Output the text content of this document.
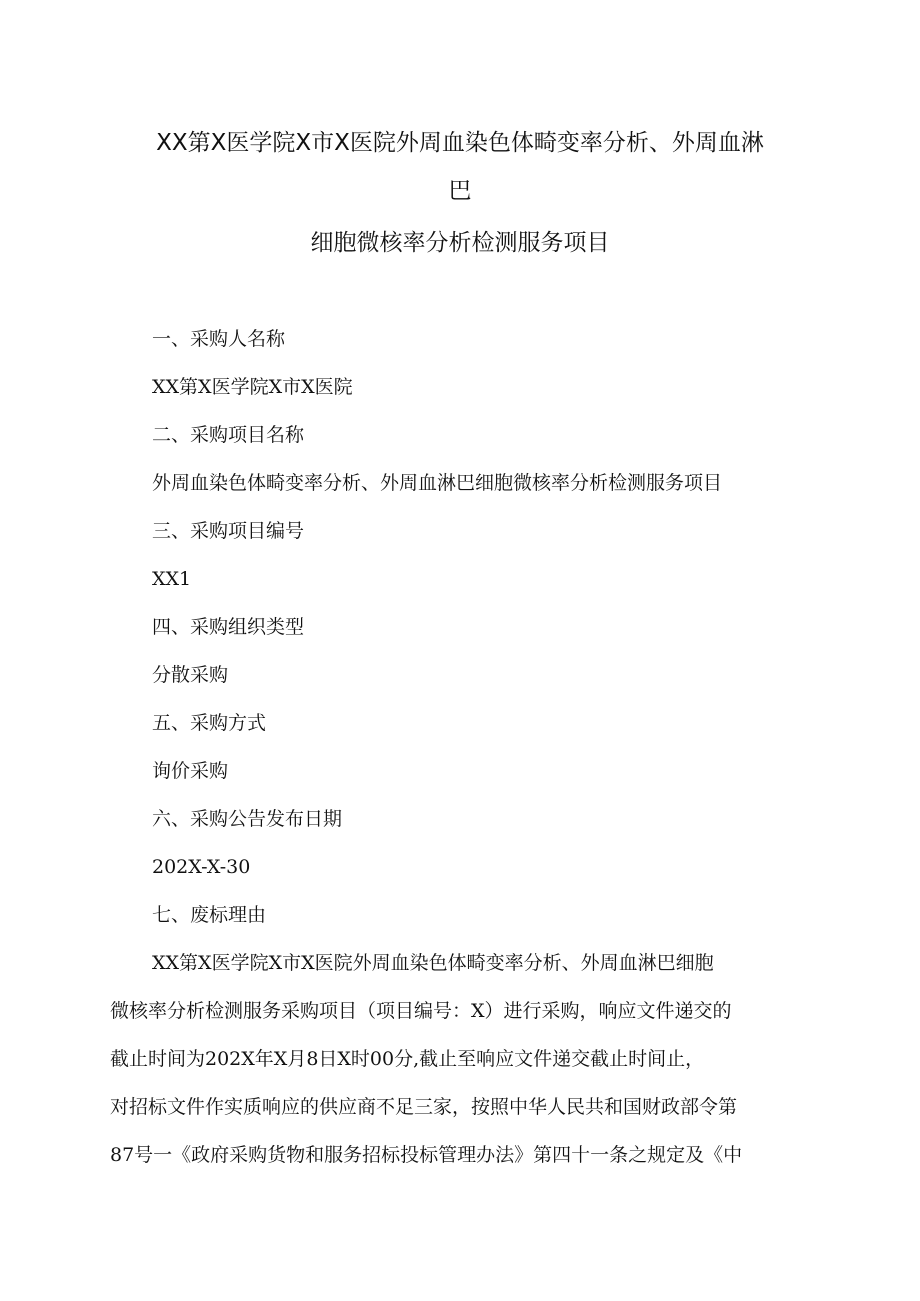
XX第X医学院X市X医院外周血染色体畸变率分析、外周血淋
巴
细胞微核率分析检测服务项目
一、采购人名称
XX第X医学院X市X医院
二、采购项目名称
外周血染色体畸变率分析、外周血淋巴细胞微核率分析检测服务项目
三、采购项目编号
XX1
四、采购组织类型
分散采购
五、采购方式
询价采购
六、采购公告发布日期
202X-X-30
七、废标理由
XX第X医学院X市X医院外周血染色体畸变率分析、外周血淋巴细胞
微核率分析检测服务采购项目（项目编号：X）进行采购，响应文件递交的
截止时间为202X年X月8日X时00分,截止至响应文件递交截止时间止，
对招标文件作实质响应的供应商不足三家，按照中华人民共和国财政部令第
87号一《政府采购货物和服务招标投标管理办法》第四十一条之规定及《中
